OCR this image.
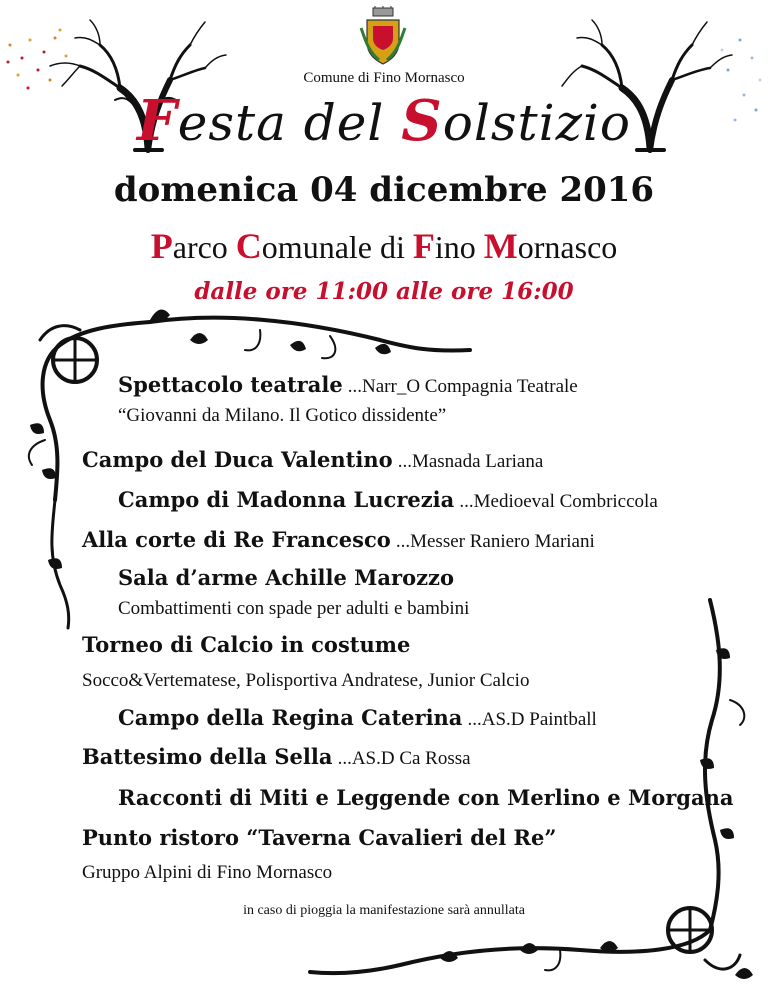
Comune di Fino Mornasco
Festa del Solstizio
domenica 04 dicembre 2016
Parco Comunale di Fino Mornasco
dalle ore 11:00 alle ore 16:00
Spettacolo teatrale ...Narr_O Compagnia Teatrale
“Giovanni da Milano. Il Gotico dissidente”
Campo del Duca Valentino ...Masnada Lariana
Campo di Madonna Lucrezia ...Medioeval Combriccola
Alla corte di Re Francesco ...Messer Raniero Mariani
Sala d’arme Achille Marozzo
Combattimenti con spade per adulti e bambini
Torneo di Calcio in costume
Socco&Vertematese, Polisportiva Andratese, Junior Calcio
Campo della Regina Caterina ...AS.D Paintball
Battesimo della Sella ...AS.D Ca Rossa
Racconti di Miti e Leggende con Merlino e Morgana
Punto ristoro “Taverna Cavalieri del Re”
Gruppo Alpini di Fino Mornasco
in caso di pioggia la manifestazione sarà annullata
